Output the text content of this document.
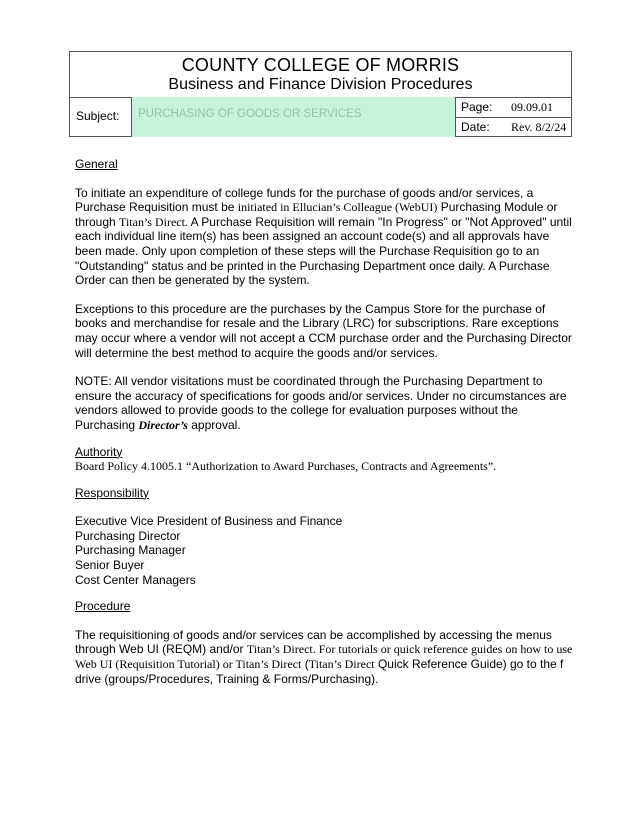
COUNTY COLLEGE OF MORRIS
Business and Finance Division Procedures
Subject: PURCHASING OF GOODS OR SERVICES	Page: 09.09.01
Date: Rev. 8/2/24

General

To initiate an expenditure of college funds for the purchase of goods and/or services, a Purchase Requisition must be initiated in Ellucian’s Colleague (WebUI) Purchasing Module or through Titan’s Direct. A Purchase Requisition will remain "In Progress" or "Not Approved" until each individual line item(s) has been assigned an account code(s) and all approvals have been made. Only upon completion of these steps will the Purchase Requisition go to an "Outstanding" status and be printed in the Purchasing Department once daily. A Purchase Order can then be generated by the system.

Exceptions to this procedure are the purchases by the Campus Store for the purchase of books and merchandise for resale and the Library (LRC) for subscriptions. Rare exceptions may occur where a vendor will not accept a CCM purchase order and the Purchasing Director will determine the best method to acquire the goods and/or services.

NOTE: All vendor visitations must be coordinated through the Purchasing Department to ensure the accuracy of specifications for goods and/or services. Under no circumstances are vendors allowed to provide goods to the college for evaluation purposes without the Purchasing Director’s approval.

Authority

Board Policy 4.1005.1 “Authorization to Award Purchases, Contracts and Agreements”.

Responsibility

Executive Vice President of Business and Finance

Purchasing Director

Purchasing Manager

Senior Buyer

Cost Center Managers

Procedure

The requisitioning of goods and/or services can be accomplished by accessing the menus through Web UI (REQM) and/or Titan’s Direct. For tutorials or quick reference guides on how to use Web UI (Requisition Tutorial) or Titan’s Direct (Titan’s Direct Quick Reference Guide) go to the f drive (groups/Procedures, Training & Forms/Purchasing).
